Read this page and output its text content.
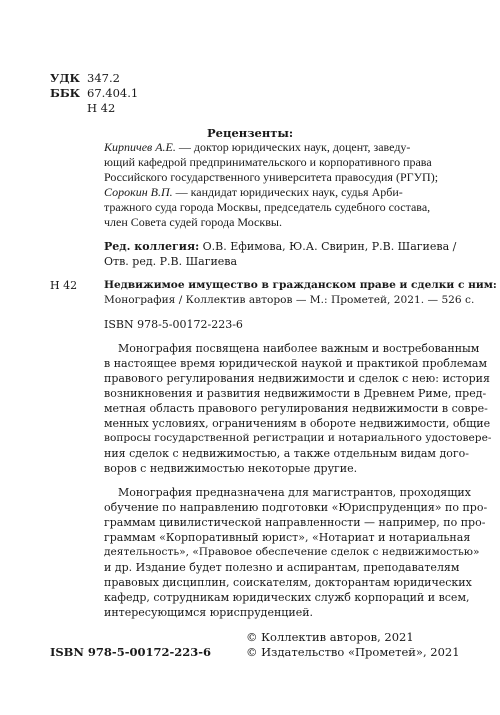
УДК 347.2
ББК 67.404.1
Н 42
Рецензенты:
Кирпичев А.Е. — доктор юридических наук, доцент, заведу-
ющий кафедрой предпринимательского и корпоративного права
Российского государственного университета правосудия (РГУП);
Сорокин В.П. — кандидат юридических наук, судья Арби-
тражного суда города Москвы, председатель судебного состава,
член Совета судей города Москвы.
Ред. коллегия: О.В. Ефимова, Ю.А. Свирин, Р.В. Шагиева /
Отв. ред. Р.В. Шагиева
Н 42	Недвижимое имущество в гражданском праве и сделки с ним:
Монография / Коллектив авторов — М.: Прометей, 2021. — 526 с.
ISBN 978-5-00172-223-6
Монография посвящена наиболее важным и востребованным
в настоящее время юридической наукой и практикой проблемам
правового регулирования недвижимости и сделок с нею: история
возникновения и развития недвижимости в Древнем Риме, пред-
метная область правового регулирования недвижимости в совре-
менных условиях, ограничениям в обороте недвижимости, общие
вопросы государственной регистрации и нотариального удостовере-
ния сделок с недвижимостью, а также отдельным видам дого-
воров с недвижимостью некоторые другие.
Монография предназначена для магистрантов, проходящих
обучение по направлению подготовки «Юриспруденция» по про-
граммам цивилистической направленности — например, по про-
граммам «Корпоративный юрист», «Нотариат и нотариальная
деятельность», «Правовое обеспечение сделок с недвижимостью»
и др. Издание будет полезно и аспирантам, преподавателям
правовых дисциплин, соискателям, докторантам юридических
кафедр, сотрудникам юридических служб корпораций и всем,
интересующимся юриспруденцией.
ISBN 978-5-00172-223-6
© Коллектив авторов, 2021
© Издательство «Прометей», 2021
